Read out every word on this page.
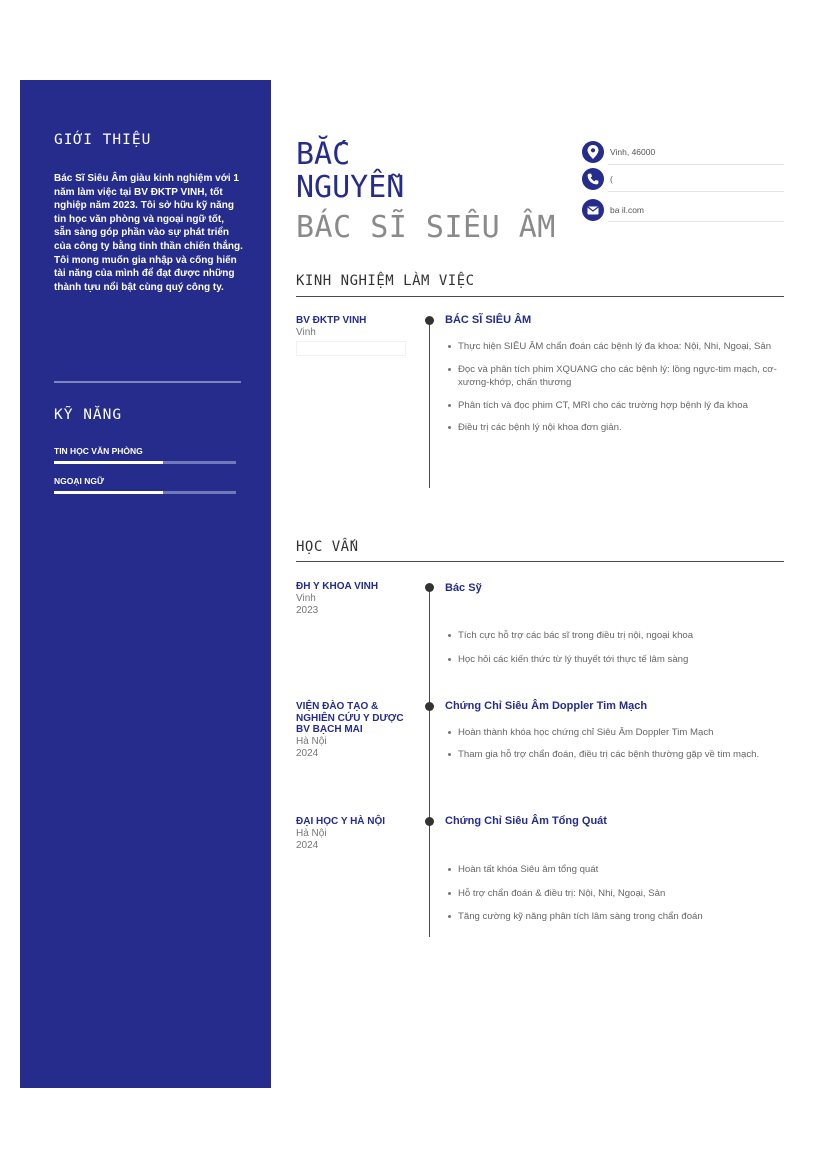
GIỚI THIỆU

Bác Sĩ Siêu Âm giàu kinh nghiệm với 1 năm làm việc tại BV ĐKTP VINH, tốt nghiệp năm 2023. Tôi sở hữu kỹ năng tin học văn phòng và ngoại ngữ tốt, sẵn sàng góp phần vào sự phát triển của công ty bằng tinh thần chiến thắng. Tôi mong muốn gia nhập và cống hiến tài năng của mình để đạt được những thành tựu nổi bật cùng quý công ty.

KỸ NĂNG
TIN HỌC VĂN PHÒNG
NGOẠI NGỮ
BẮC
NGUYỄN
BÁC SĨ SIÊU ÂM
Vinh, 46000
(
ba il.com
KINH NGHIỆM LÀM VIỆC
BV ĐKTP VINH
Vinh
BÁC SĨ SIÊU ÂM
Thực hiện SIÊU ÂM chẩn đoán các bệnh lý đa khoa: Nội, Nhi, Ngoại, Sản
Đọc và phân tích phim XQUANG cho các bệnh lý: lồng ngực-tim mạch, cơ-xương-khớp, chấn thương
Phân tích và đọc phim CT, MRI cho các trường hợp bệnh lý đa khoa
Điều trị các bệnh lý nội khoa đơn giản.
HỌC VẤN
ĐH Y KHOA VINH
Vinh
2023
Bác Sỹ
Tích cực hỗ trợ các bác sĩ trong điều trị nội, ngoại khoa
Học hỏi các kiến thức từ lý thuyết tới thực tế lâm sàng
VIỆN ĐÀO TẠO & NGHIÊN CỨU Y DƯỢC BV BẠCH MAI
Hà Nội
2024
Chứng Chỉ Siêu Âm Doppler Tim Mạch
Hoàn thành khóa học chứng chỉ Siêu Âm Doppler Tim Mạch
Tham gia hỗ trợ chẩn đoán, điều trị các bệnh thường gặp về tim mạch.
ĐẠI HỌC Y HÀ NỘI
Hà Nội
2024
Chứng Chỉ Siêu Âm Tổng Quát
Hoàn tất khóa Siêu âm tổng quát
Hỗ trợ chẩn đoán & điều trị: Nội, Nhi, Ngoại, Sản
Tăng cường kỹ năng phân tích lâm sàng trong chẩn đoán
